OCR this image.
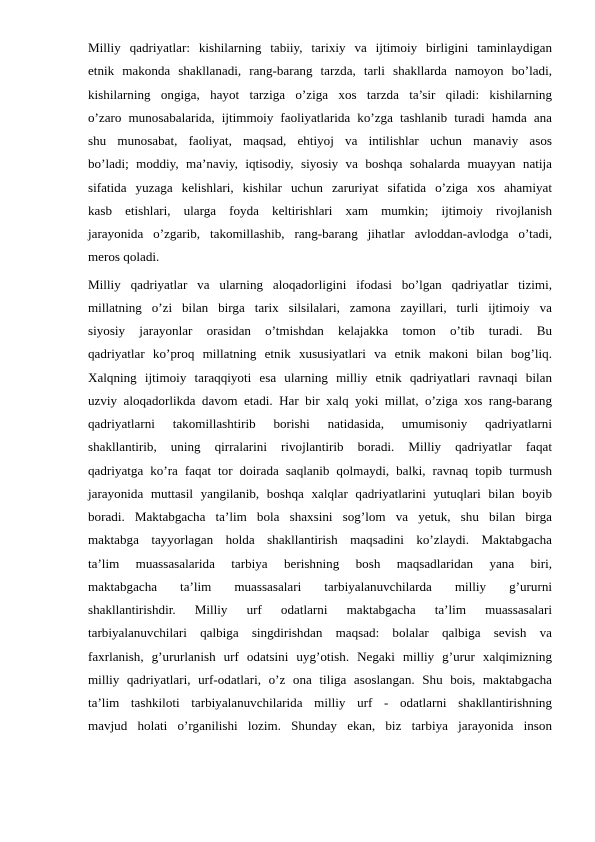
Milliy qadriyatlar: kishilarning tabiiy, tarixiy va ijtimoiy birligini taminlaydigan
etnik makonda shakllanadi, rang-barang tarzda, tarli shakllarda namoyon bo’ladi,
kishilarning ongiga, hayot tarziga o’ziga xos tarzda ta’sir qiladi: kishilarning
o’zaro munosabalarida, ijtimmoiy faoliyatlarida ko’zga tashlanib turadi hamda ana
shu munosabat, faoliyat, maqsad, ehtiyoj va intilishlar uchun manaviy asos
bo’ladi; moddiy, ma’naviy, iqtisodiy, siyosiy va boshqa sohalarda muayyan natija
sifatida yuzaga kelishlari, kishilar uchun zaruriyat sifatida o’ziga xos ahamiyat
kasb etishlari, ularga foyda keltirishlari xam mumkin; ijtimoiy rivojlanish
jarayonida o’zgarib, takomillashib, rang-barang jihatlar avloddan-avlodga o’tadi,
meros qoladi.
Milliy qadriyatlar va ularning aloqadorligini ifodasi bo’lgan qadriyatlar tizimi,
millatning o’zi bilan birga tarix silsilalari, zamona zayillari, turli ijtimoiy va
siyosiy jarayonlar orasidan o’tmishdan kelajakka tomon o’tib turadi. Bu
qadriyatlar ko’proq millatning etnik xususiyatlari va etnik makoni bilan bog’liq.
Xalqning ijtimoiy taraqqiyoti esa ularning milliy etnik qadriyatlari ravnaqi bilan
uzviy aloqadorlikda davom etadi. Har bir xalq yoki millat, o’ziga xos rang-barang
qadriyatlarni takomillashtirib borishi natidasida, umumisoniy qadriyatlarni
shakllantirib, uning qirralarini rivojlantirib boradi. Milliy qadriyatlar faqat
qadriyatga ko’ra faqat tor doirada saqlanib qolmaydi, balki, ravnaq topib turmush
jarayonida muttasil yangilanib, boshqa xalqlar qadriyatlarini yutuqlari bilan boyib
boradi. Maktabgacha ta’lim bola shaxsini sog’lom va yetuk, shu bilan birga
maktabga tayyorlagan holda shakllantirish maqsadini ko’zlaydi. Maktabgacha
ta’lim muassasalarida tarbiya berishning bosh maqsadlaridan yana biri,
maktabgacha ta’lim muassasalari tarbiyalanuvchilarda milliy g’ururni
shakllantirishdir. Milliy urf odatlarni maktabgacha ta’lim muassasalari
tarbiyalanuvchilari qalbiga singdirishdan maqsad: bolalar qalbiga sevish va
faxrlanish, g’ururlanish urf odatsini uyg’otish. Negaki milliy g’urur xalqimizning
milliy qadriyatlari, urf-odatlari, o’z ona tiliga asoslangan. Shu bois, maktabgacha
ta’lim tashkiloti tarbiyalanuvchilarida milliy urf - odatlarni shakllantirishning
mavjud holati o’rganilishi lozim. Shunday ekan, biz tarbiya jarayonida inson
